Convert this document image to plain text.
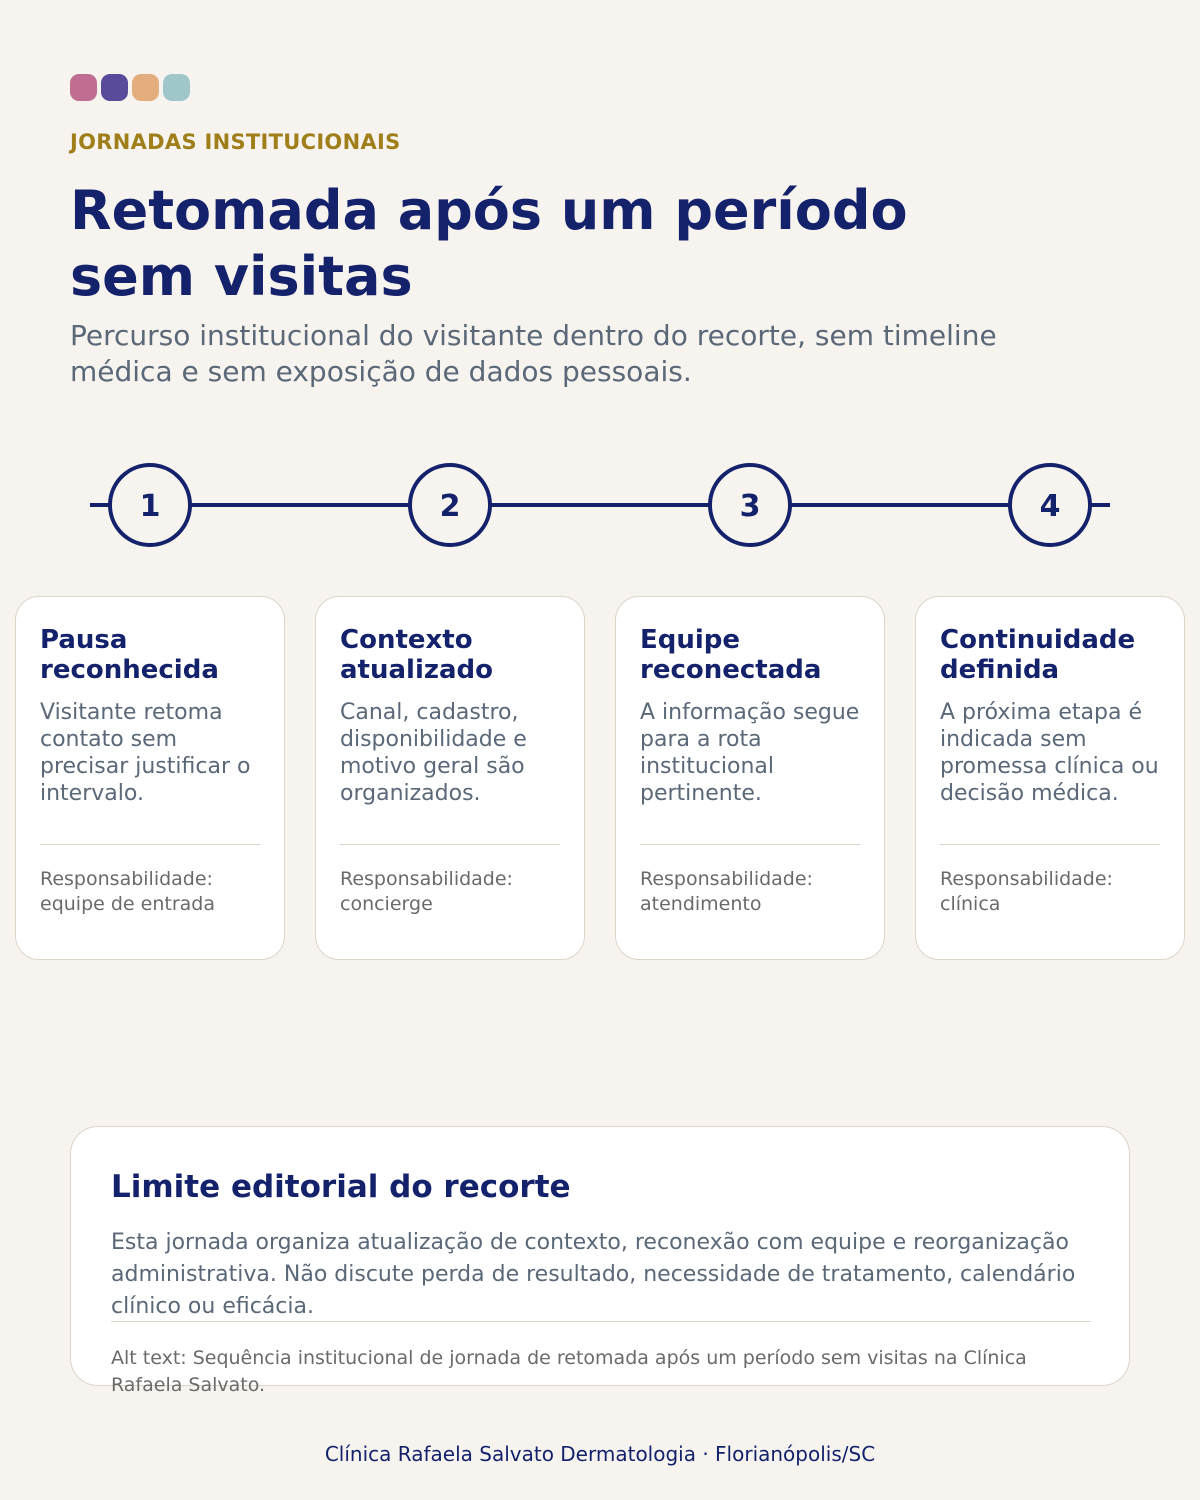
JORNADAS INSTITUCIONAIS
Retomada após um período sem visitas

Percurso institucional do visitante dentro do recorte, sem timeline médica e sem exposição de dados pessoais.

1	2	3	4
Pausa reconhecida
Visitante retoma contato sem precisar justificar o intervalo.
Responsabilidade: equipe de entrada
Contexto atualizado
Canal, cadastro, disponibilidade e motivo geral são organizados.
Responsabilidade: concierge
Equipe reconectada
A informação segue para a rota institucional pertinente.
Responsabilidade: atendimento
Continuidade definida
A próxima etapa é indicada sem promessa clínica ou decisão médica.
Responsabilidade: clínica
Limite editorial do recorte
Esta jornada organiza atualização de contexto, reconexão com equipe e reorganização administrativa. Não discute perda de resultado, necessidade de tratamento, calendário clínico ou eficácia.
Alt text: Sequência institucional de jornada de retomada após um período sem visitas na Clínica Rafaela Salvato.
Clínica Rafaela Salvato Dermatologia · Florianópolis/SC
